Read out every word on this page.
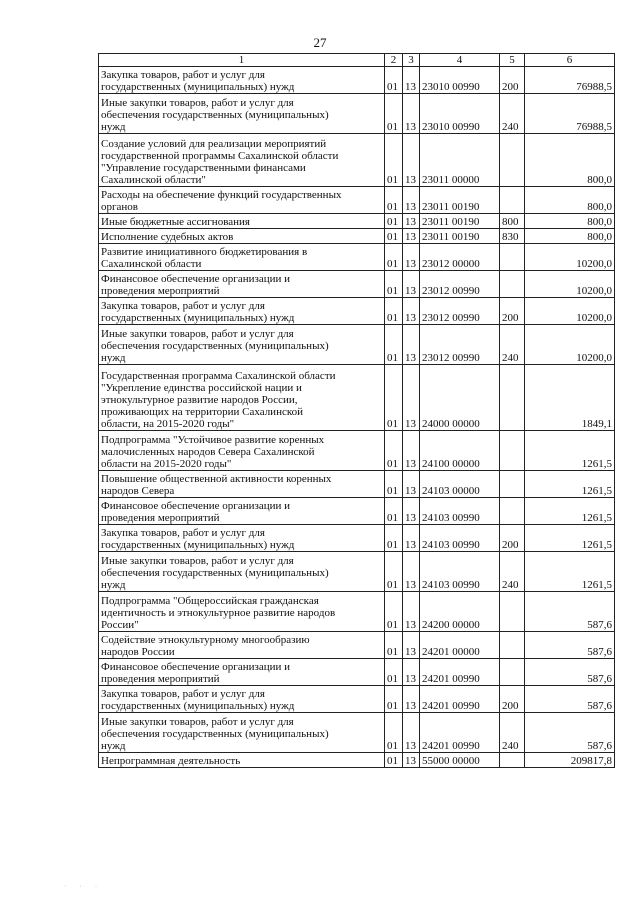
27
1	2	3	4	5	6
Закупка товаров, работ и услуг для
государственных (муниципальных) нужд	01	13	23010 00990	200	76988,5
Иные закупки товаров, работ и услуг для
обеспечения государственных (муниципальных)
нужд	01	13	23010 00990	240	76988,5
Создание условий для реализации мероприятий
государственной программы Сахалинской области
"Управление государственными финансами
Сахалинской области"	01	13	23011 00000		800,0
Расходы на обеспечение функций государственных
органов	01	13	23011 00190		800,0
Иные бюджетные ассигнования	01	13	23011 00190	800	800,0
Исполнение судебных актов	01	13	23011 00190	830	800,0
Развитие инициативного бюджетирования в
Сахалинской области	01	13	23012 00000		10200,0
Финансовое обеспечение организации и
проведения мероприятий	01	13	23012 00990		10200,0
Закупка товаров, работ и услуг для
государственных (муниципальных) нужд	01	13	23012 00990	200	10200,0
Иные закупки товаров, работ и услуг для
обеспечения государственных (муниципальных)
нужд	01	13	23012 00990	240	10200,0
Государственная программа Сахалинской области
"Укрепление единства российской нации и
этнокультурное развитие народов России,
проживающих на территории Сахалинской
области, на 2015-2020 годы"	01	13	24000 00000		1849,1
Подпрограмма "Устойчивое развитие коренных
малочисленных народов Севера Сахалинской
области на 2015-2020 годы"	01	13	24100 00000		1261,5
Повышение общественной активности коренных
народов Севера	01	13	24103 00000		1261,5
Финансовое обеспечение организации и
проведения мероприятий	01	13	24103 00990		1261,5
Закупка товаров, работ и услуг для
государственных (муниципальных) нужд	01	13	24103 00990	200	1261,5
Иные закупки товаров, работ и услуг для
обеспечения государственных (муниципальных)
нужд	01	13	24103 00990	240	1261,5
Подпрограмма "Общероссийская гражданская
идентичность и этнокультурное развитие народов
России"	01	13	24200 00000		587,6
Содействие этнокультурному многообразию
народов России	01	13	24201 00000		587,6
Финансовое обеспечение организации и
проведения мероприятий	01	13	24201 00990		587,6
Закупка товаров, работ и услуг для
государственных (муниципальных) нужд	01	13	24201 00990	200	587,6
Иные закупки товаров, работ и услуг для
обеспечения государственных (муниципальных)
нужд	01	13	24201 00990	240	587,6
Непрограммная деятельность	01	13	55000 00000		209817,8
· · ·
